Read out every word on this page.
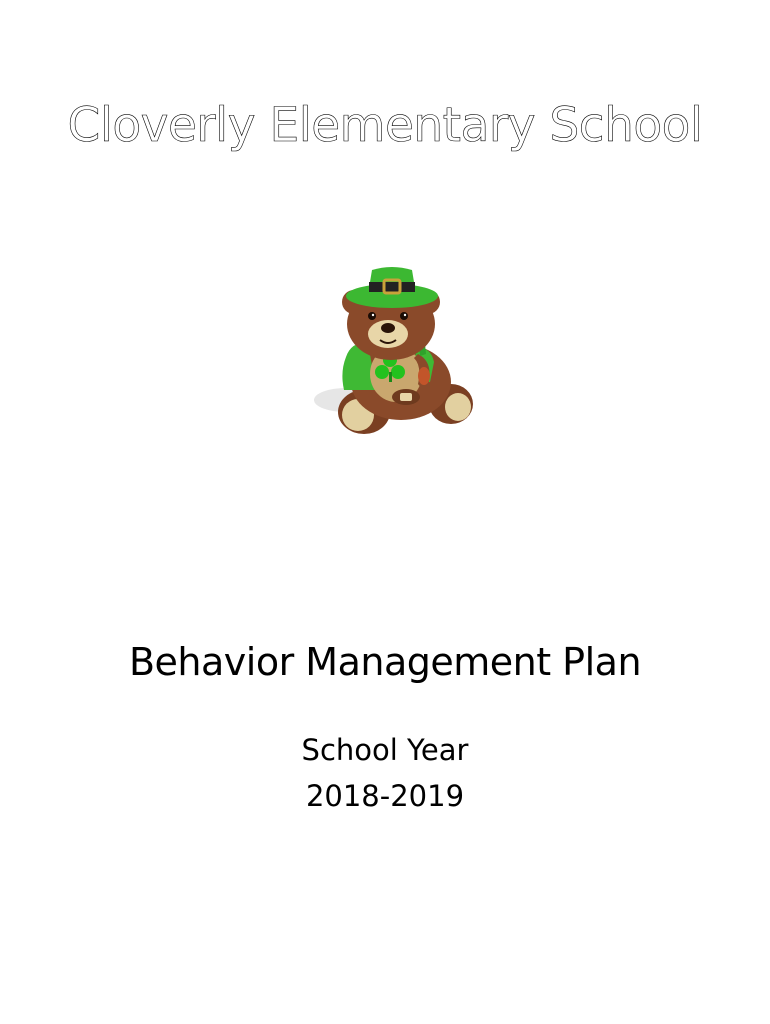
Cloverly Elementary School
Behavior Management Plan
School Year
2018-2019
